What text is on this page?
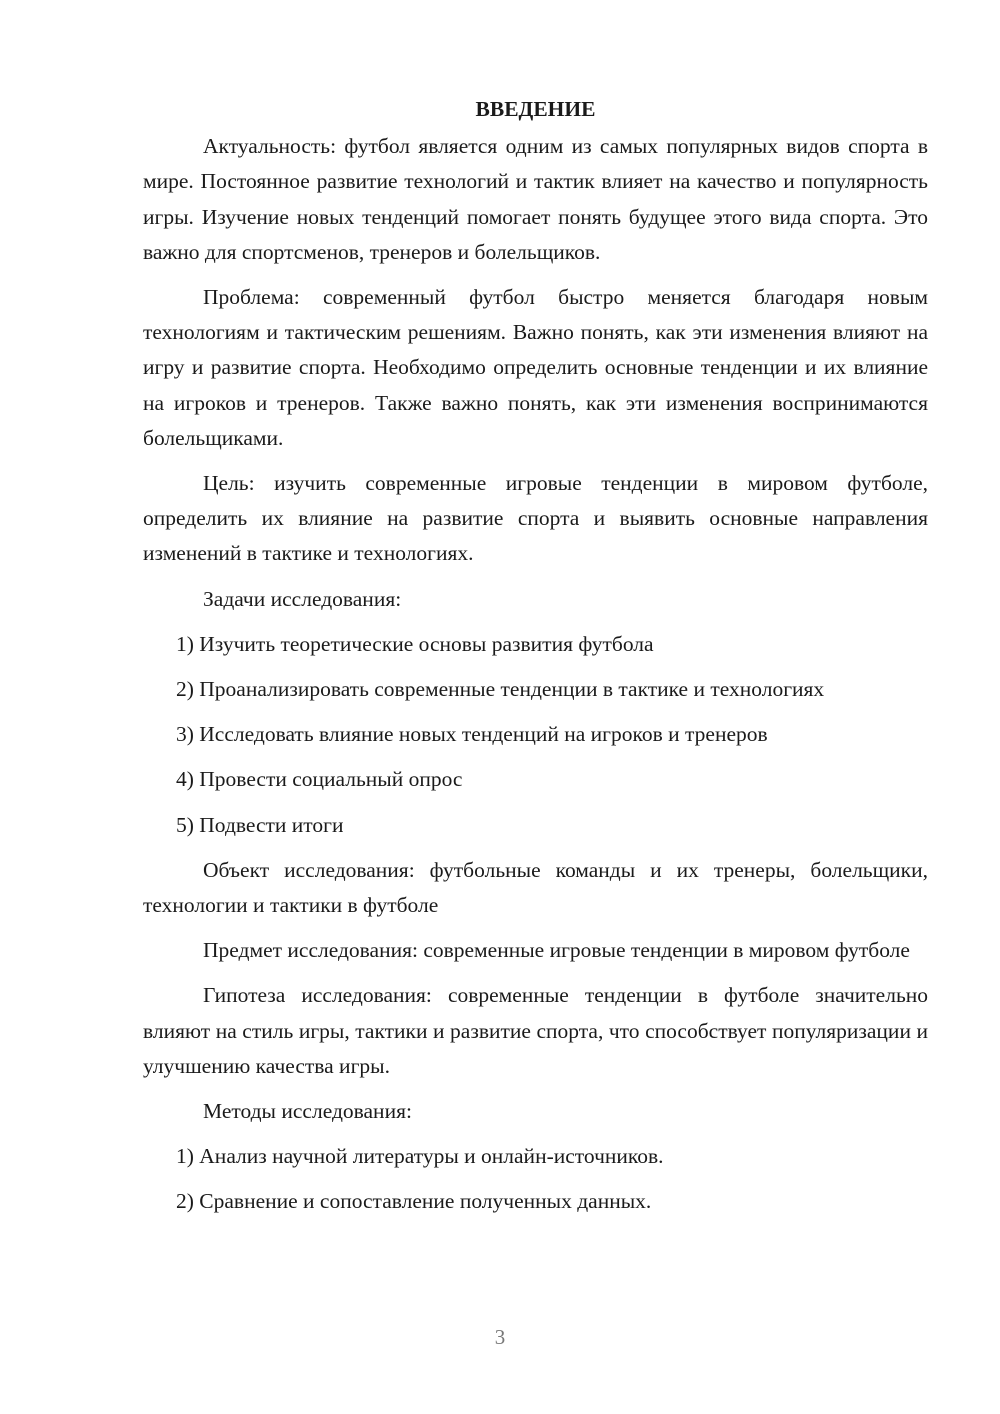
ВВЕДЕНИЕ

Актуальность: футбол является одним из самых популярных видов спорта в мире. Постоянное развитие технологий и тактик влияет на качество и популярность игры. Изучение новых тенденций помогает понять будущее этого вида спорта. Это важно для спортсменов, тренеров и болельщиков.

Проблема: современный футбол быстро меняется благодаря новым технологиям и тактическим решениям. Важно понять, как эти изменения влияют на игру и развитие спорта. Необходимо определить основные тенденции и их влияние на игроков и тренеров. Также важно понять, как эти изменения воспринимаются болельщиками.

Цель: изучить современные игровые тенденции в мировом футболе, определить их влияние на развитие спорта и выявить основные направления изменений в тактике и технологиях.

Задачи исследования:

1) Изучить теоретические основы развития футбола
2) Проанализировать современные тенденции в тактике и технологиях
3) Исследовать влияние новых тенденций на игроков и тренеров
4) Провести социальный опрос
5) Подвести итоги

Объект исследования: футбольные команды и их тренеры, болельщики, технологии и тактики в футболе

Предмет исследования: современные игровые тенденции в мировом футболе

Гипотеза исследования: современные тенденции в футболе значительно влияют на стиль игры, тактики и развитие спорта, что способствует популяризации и улучшению качества игры.

Методы исследования:

1) Анализ научной литературы и онлайн-источников.
2) Сравнение и сопоставление полученных данных.
3
